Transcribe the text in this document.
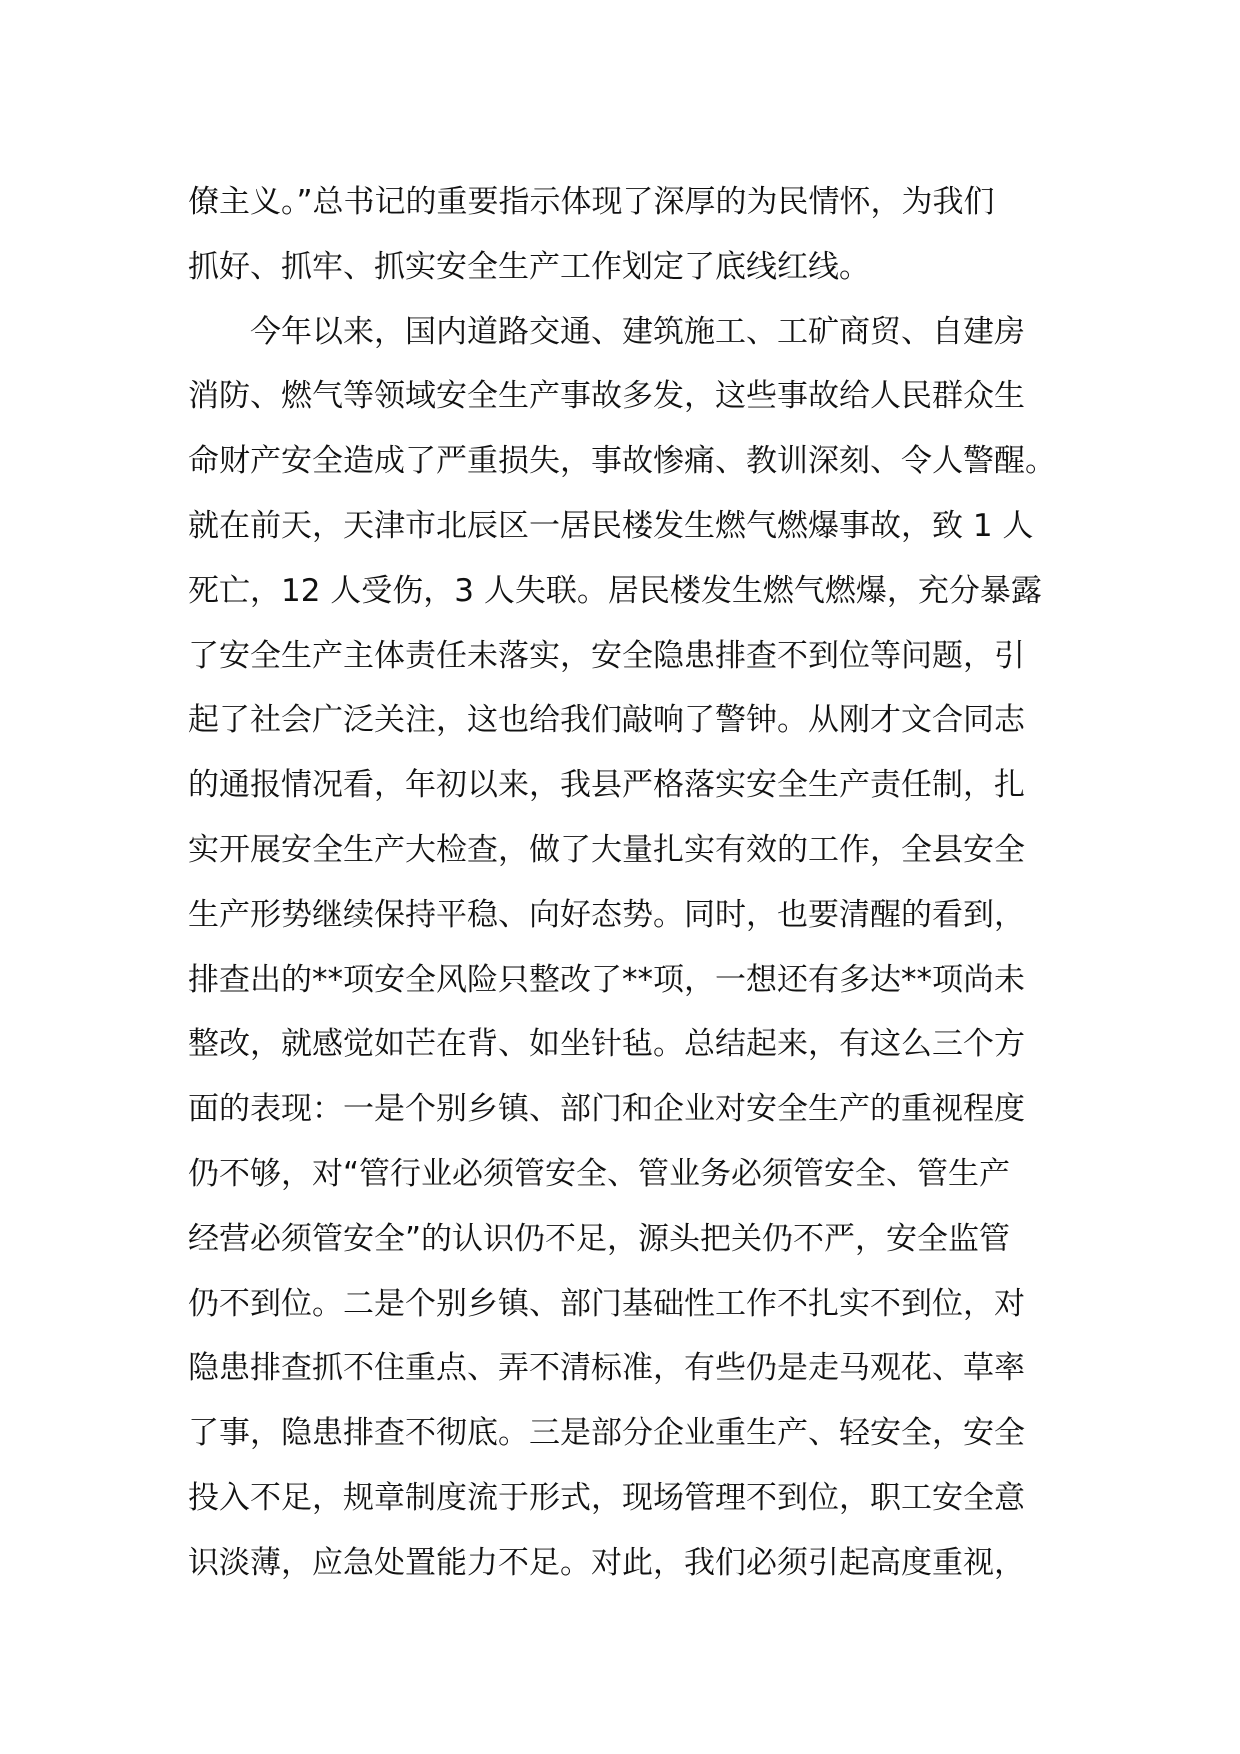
僚主义。”总书记的重要指示体现了深厚的为民情怀，为我们
抓好、抓牢、抓实安全生产工作划定了底线红线。
　　今年以来，国内道路交通、建筑施工、工矿商贸、自建房
消防、燃气等领域安全生产事故多发，这些事故给人民群众生
命财产安全造成了严重损失，事故惨痛、教训深刻、令人警醒。
就在前天，天津市北辰区一居民楼发生燃气燃爆事故，致 1 人
死亡，12 人受伤，3 人失联。居民楼发生燃气燃爆，充分暴露
了安全生产主体责任未落实，安全隐患排查不到位等问题，引
起了社会广泛关注，这也给我们敲响了警钟。从刚才文合同志
的通报情况看，年初以来，我县严格落实安全生产责任制，扎
实开展安全生产大检查，做了大量扎实有效的工作，全县安全
生产形势继续保持平稳、向好态势。同时，也要清醒的看到，
排查出的**项安全风险只整改了**项，一想还有多达**项尚未
整改，就感觉如芒在背、如坐针毡。总结起来，有这么三个方
面的表现：一是个别乡镇、部门和企业对安全生产的重视程度
仍不够，对“管行业必须管安全、管业务必须管安全、管生产
经营必须管安全”的认识仍不足，源头把关仍不严，安全监管
仍不到位。二是个别乡镇、部门基础性工作不扎实不到位，对
隐患排查抓不住重点、弄不清标准，有些仍是走马观花、草率
了事，隐患排查不彻底。三是部分企业重生产、轻安全，安全
投入不足，规章制度流于形式，现场管理不到位，职工安全意
识淡薄，应急处置能力不足。对此，我们必须引起高度重视，
